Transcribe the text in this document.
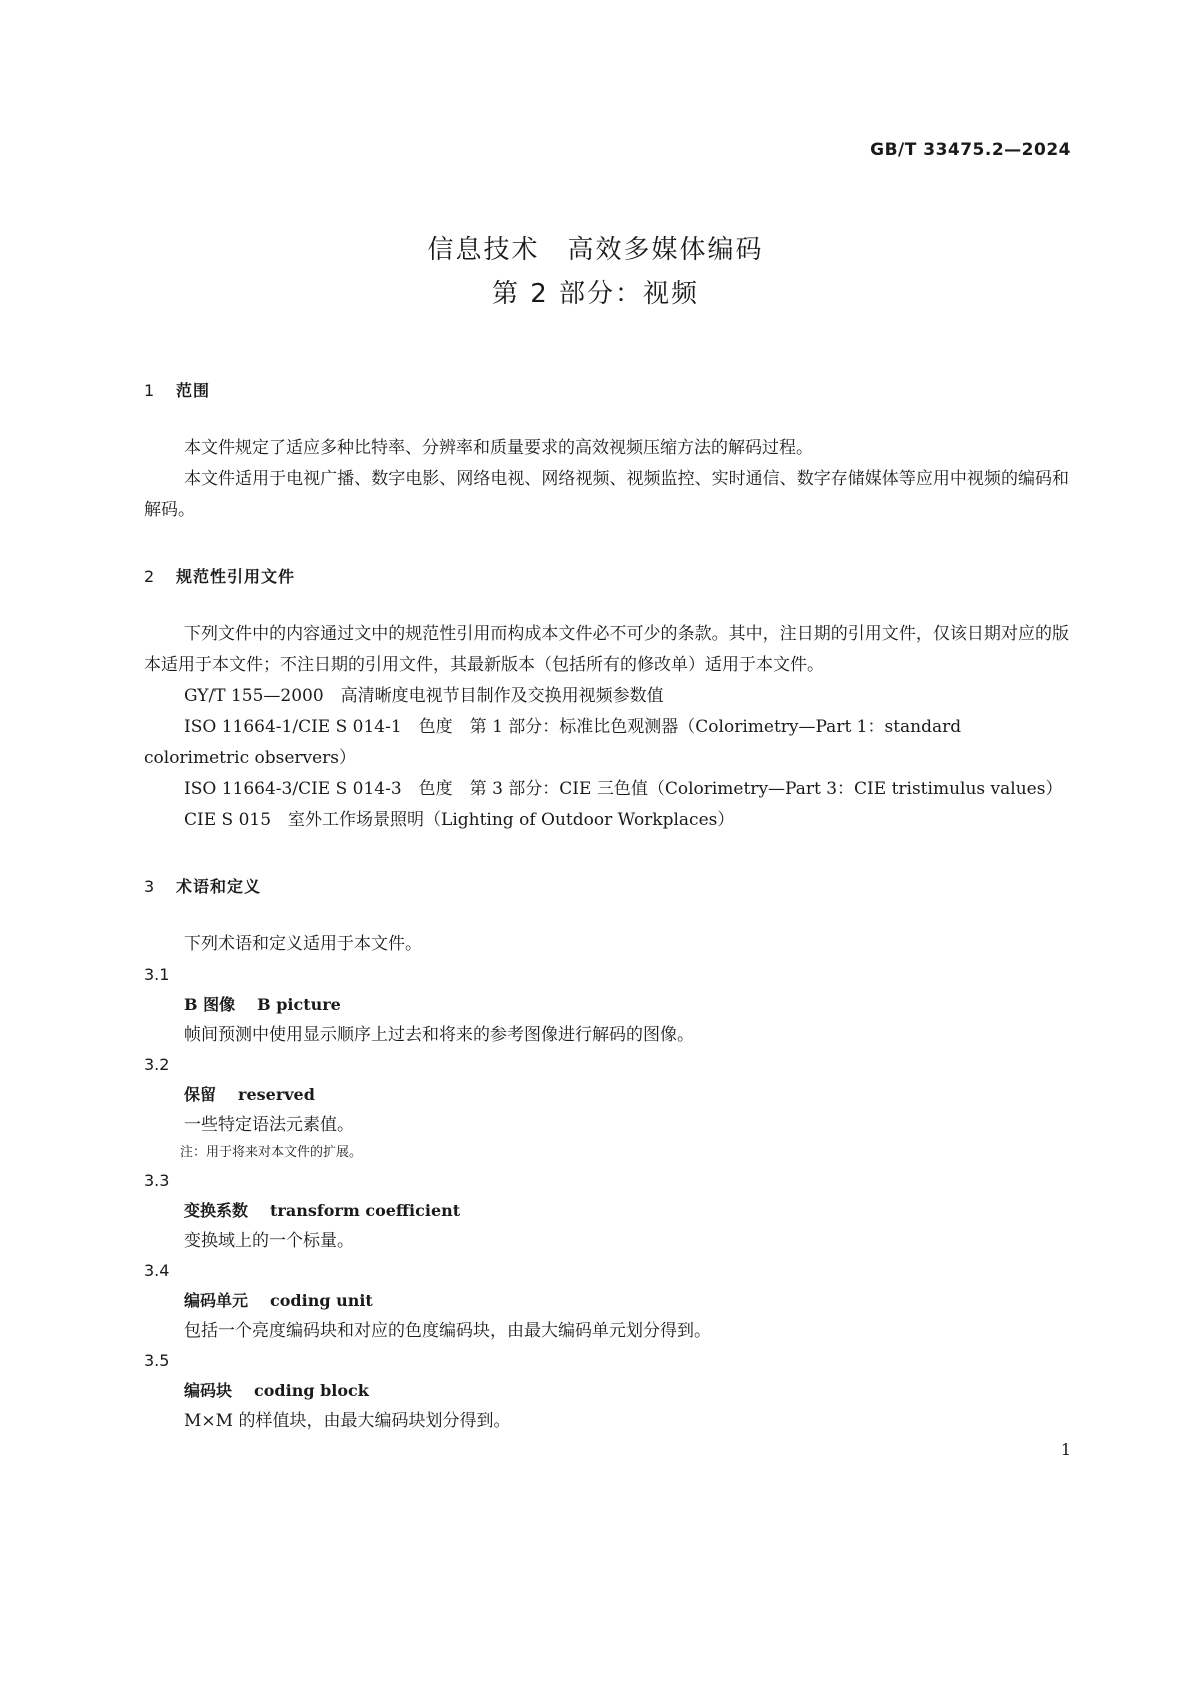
GB/T 33475.2—2024
信息技术　高效多媒体编码
第 2 部分：视频

1 范围

本文件规定了适应多种比特率、分辨率和质量要求的高效视频压缩方法的解码过程。

本文件适用于电视广播、数字电影、网络电视、网络视频、视频监控、实时通信、数字存储媒体等应用中视频的编码和解码。

2 规范性引用文件

下列文件中的内容通过文中的规范性引用而构成本文件必不可少的条款。其中，注日期的引用文件，仅该日期对应的版本适用于本文件；不注日期的引用文件，其最新版本（包括所有的修改单）适用于本文件。

GY/T 155—2000　高清晰度电视节目制作及交换用视频参数值

ISO 11664-1/CIE S 014-1　色度　第 1 部分：标准比色观测器（Colorimetry—Part 1：standard colorimetric observers）

ISO 11664-3/CIE S 014-3　色度　第 3 部分：CIE 三色值（Colorimetry—Part 3：CIE tristimulus values）

CIE S 015　室外工作场景照明（Lighting of Outdoor Workplaces）

3 术语和定义

下列术语和定义适用于本文件。

3.1

B 图像 B picture

帧间预测中使用显示顺序上过去和将来的参考图像进行解码的图像。

3.2

保留 reserved

一些特定语法元素值。

注：用于将来对本文件的扩展。

3.3

变换系数 transform coefficient

变换域上的一个标量。

3.4

编码单元 coding unit

包括一个亮度编码块和对应的色度编码块，由最大编码单元划分得到。

3.5

编码块 coding block

M×M 的样值块，由最大编码块划分得到。

1
